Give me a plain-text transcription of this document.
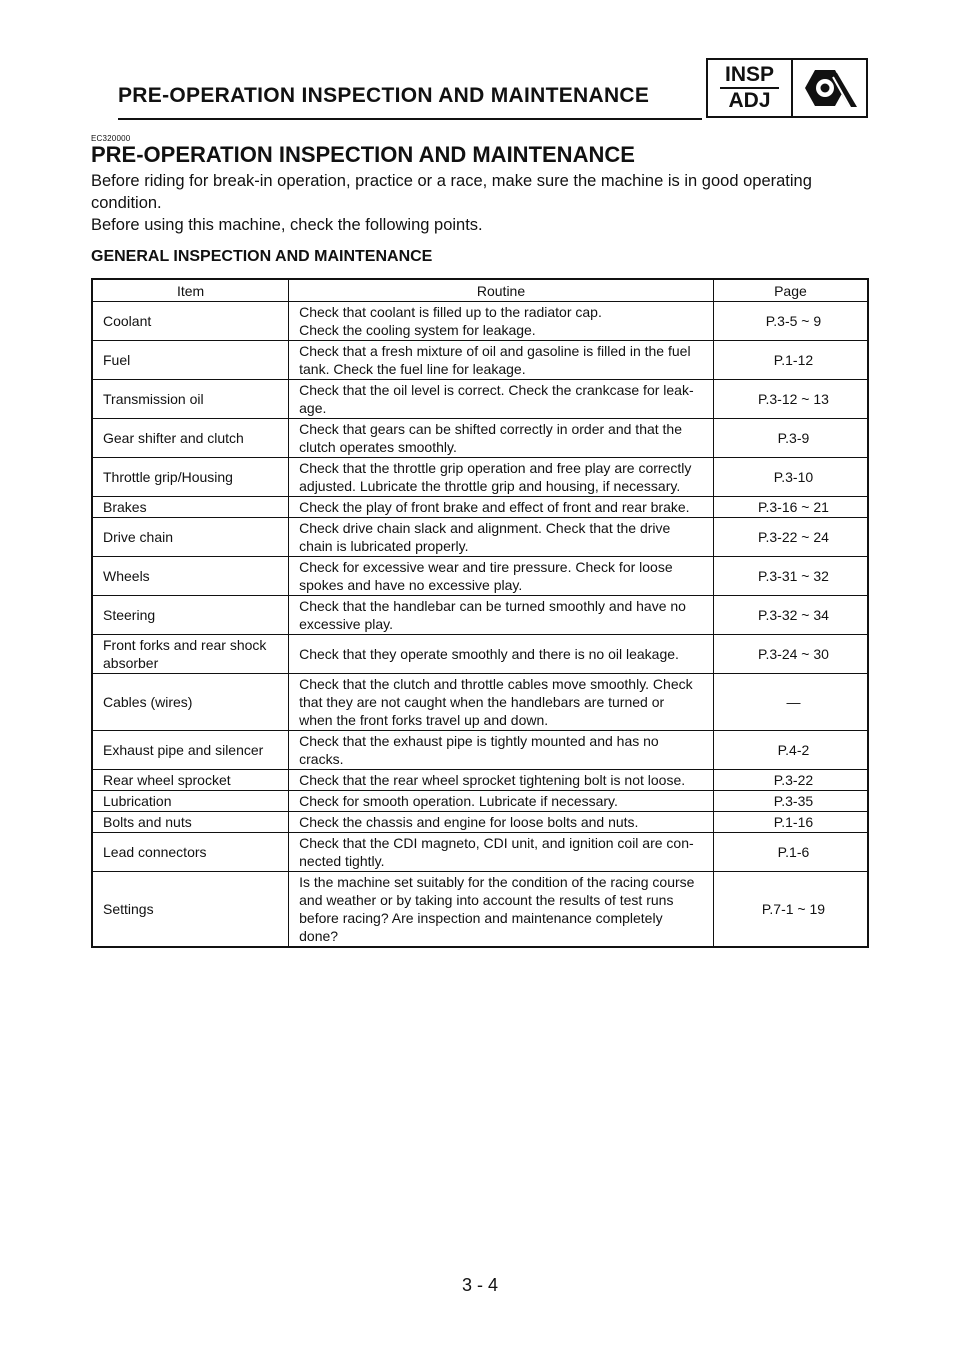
PRE-OPERATION INSPECTION AND MAINTENANCE
INSP
ADJ
EC320000
PRE-OPERATION INSPECTION AND MAINTENANCE

Before riding for break-in operation, practice or a race, make sure the machine is in good operating condition.

Before using this machine, check the following points.

GENERAL INSPECTION AND MAINTENANCE
Item	Routine	Page
Coolant	Check that coolant is filled up to the radiator cap.
Check the cooling system for leakage.	P.3-5 ~ 9
Fuel	Check that a fresh mixture of oil and gasoline is filled in the fuel
tank. Check the fuel line for leakage.	P.1-12
Transmission oil	Check that the oil level is correct. Check the crankcase for leak-
age.	P.3-12 ~ 13
Gear shifter and clutch	Check that gears can be shifted correctly in order and that the
clutch operates smoothly.	P.3-9
Throttle grip/Housing	Check that the throttle grip operation and free play are correctly
adjusted. Lubricate the throttle grip and housing, if necessary.	P.3-10
Brakes	Check the play of front brake and effect of front and rear brake.	P.3-16 ~ 21
Drive chain	Check drive chain slack and alignment. Check that the drive
chain is lubricated properly.	P.3-22 ~ 24
Wheels	Check for excessive wear and tire pressure. Check for loose
spokes and have no excessive play.	P.3-31 ~ 32
Steering	Check that the handlebar can be turned smoothly and have no
excessive play.	P.3-32 ~ 34
Front forks and rear shock absorber	Check that they operate smoothly and there is no oil leakage.	P.3-24 ~ 30
Cables (wires)	Check that the clutch and throttle cables move smoothly. Check
that they are not caught when the handlebars are turned or
when the front forks travel up and down.	—
Exhaust pipe and silencer	Check that the exhaust pipe is tightly mounted and has no
cracks.	P.4-2
Rear wheel sprocket	Check that the rear wheel sprocket tightening bolt is not loose.	P.3-22
Lubrication	Check for smooth operation. Lubricate if necessary.	P.3-35
Bolts and nuts	Check the chassis and engine for loose bolts and nuts.	P.1-16
Lead connectors	Check that the CDI magneto, CDI unit, and ignition coil are con-
nected tightly.	P.1-6
Settings	Is the machine set suitably for the condition of the racing course
and weather or by taking into account the results of test runs
before racing? Are inspection and maintenance completely
done?	P.7-1 ~ 19
3 - 4
